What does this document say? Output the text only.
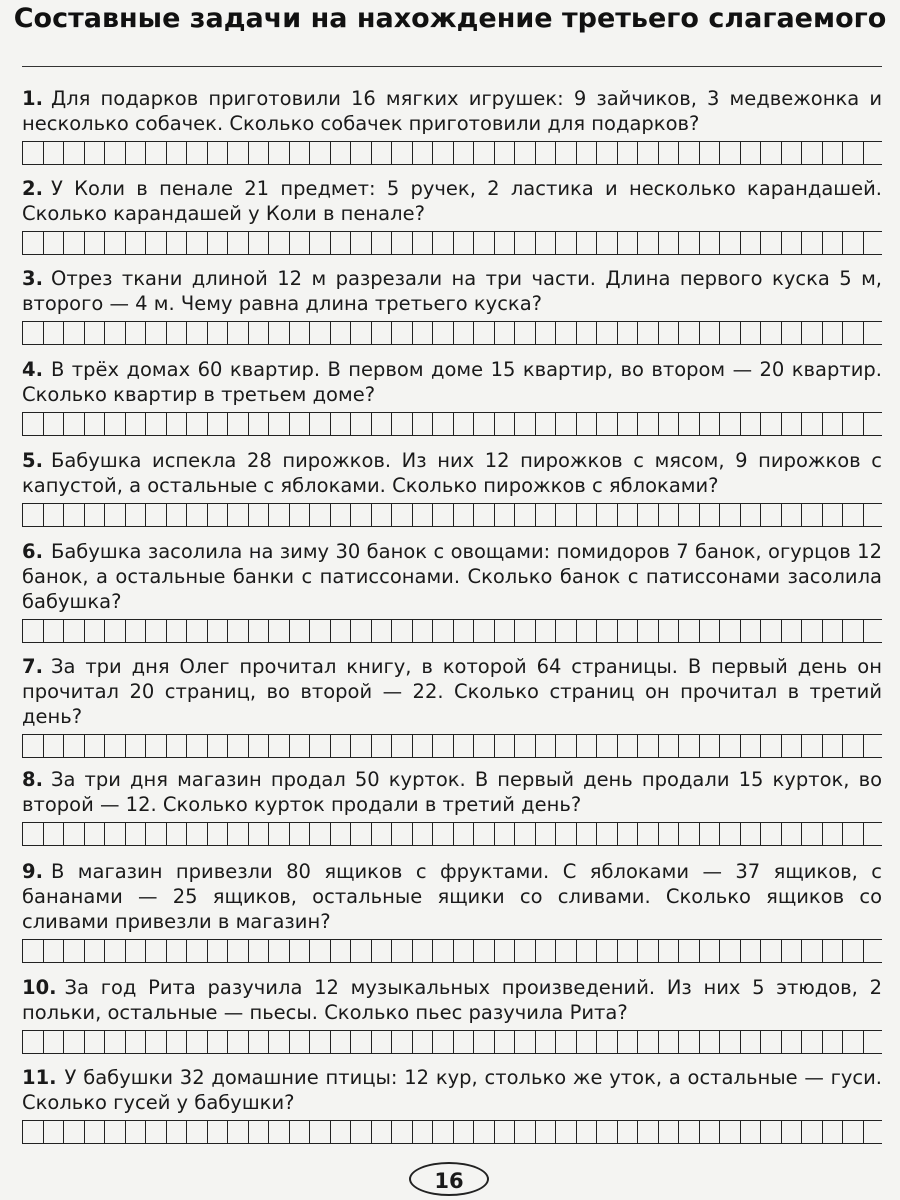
Составные задачи на нахождение третьего слагаемого

1. Для подарков приготовили 16 мягких игрушек: 9 зайчиков, 3 медвежонка и несколько собачек. Сколько собачек приготовили для подарков?

2. У Коли в пенале 21 предмет: 5 ручек, 2 ластика и несколько карандашей. Сколько карандашей у Коли в пенале?

3. Отрез ткани длиной 12 м разрезали на три части. Длина первого куска 5 м, второго — 4 м. Чему равна длина третьего куска?

4. В трёх домах 60 квартир. В первом доме 15 квартир, во втором — 20 квартир. Сколько квартир в третьем доме?

5. Бабушка испекла 28 пирожков. Из них 12 пирожков с мясом, 9 пирожков с капустой, а остальные с яблоками. Сколько пирожков с яблоками?

6. Бабушка засолила на зиму 30 банок с овощами: помидоров 7 банок, огурцов 12 банок, а остальные банки с патиссонами. Сколько банок с патиссонами засолила бабушка?

7. За три дня Олег прочитал книгу, в которой 64 страницы. В первый день он прочитал 20 страниц, во второй — 22. Сколько страниц он прочитал в третий день?

8. За три дня магазин продал 50 курток. В первый день продали 15 курток, во второй — 12. Сколько курток продали в третий день?

9. В магазин привезли 80 ящиков с фруктами. С яблоками — 37 ящиков, с бананами — 25 ящиков, остальные ящики со сливами. Сколько ящиков со сливами привезли в магазин?

10. За год Рита разучила 12 музыкальных произведений. Из них 5 этюдов, 2 польки, остальные — пьесы. Сколько пьес разучила Рита?

11. У бабушки 32 домашние птицы: 12 кур, столько же уток, а остальные — гуси. Сколько гусей у бабушки?

16
